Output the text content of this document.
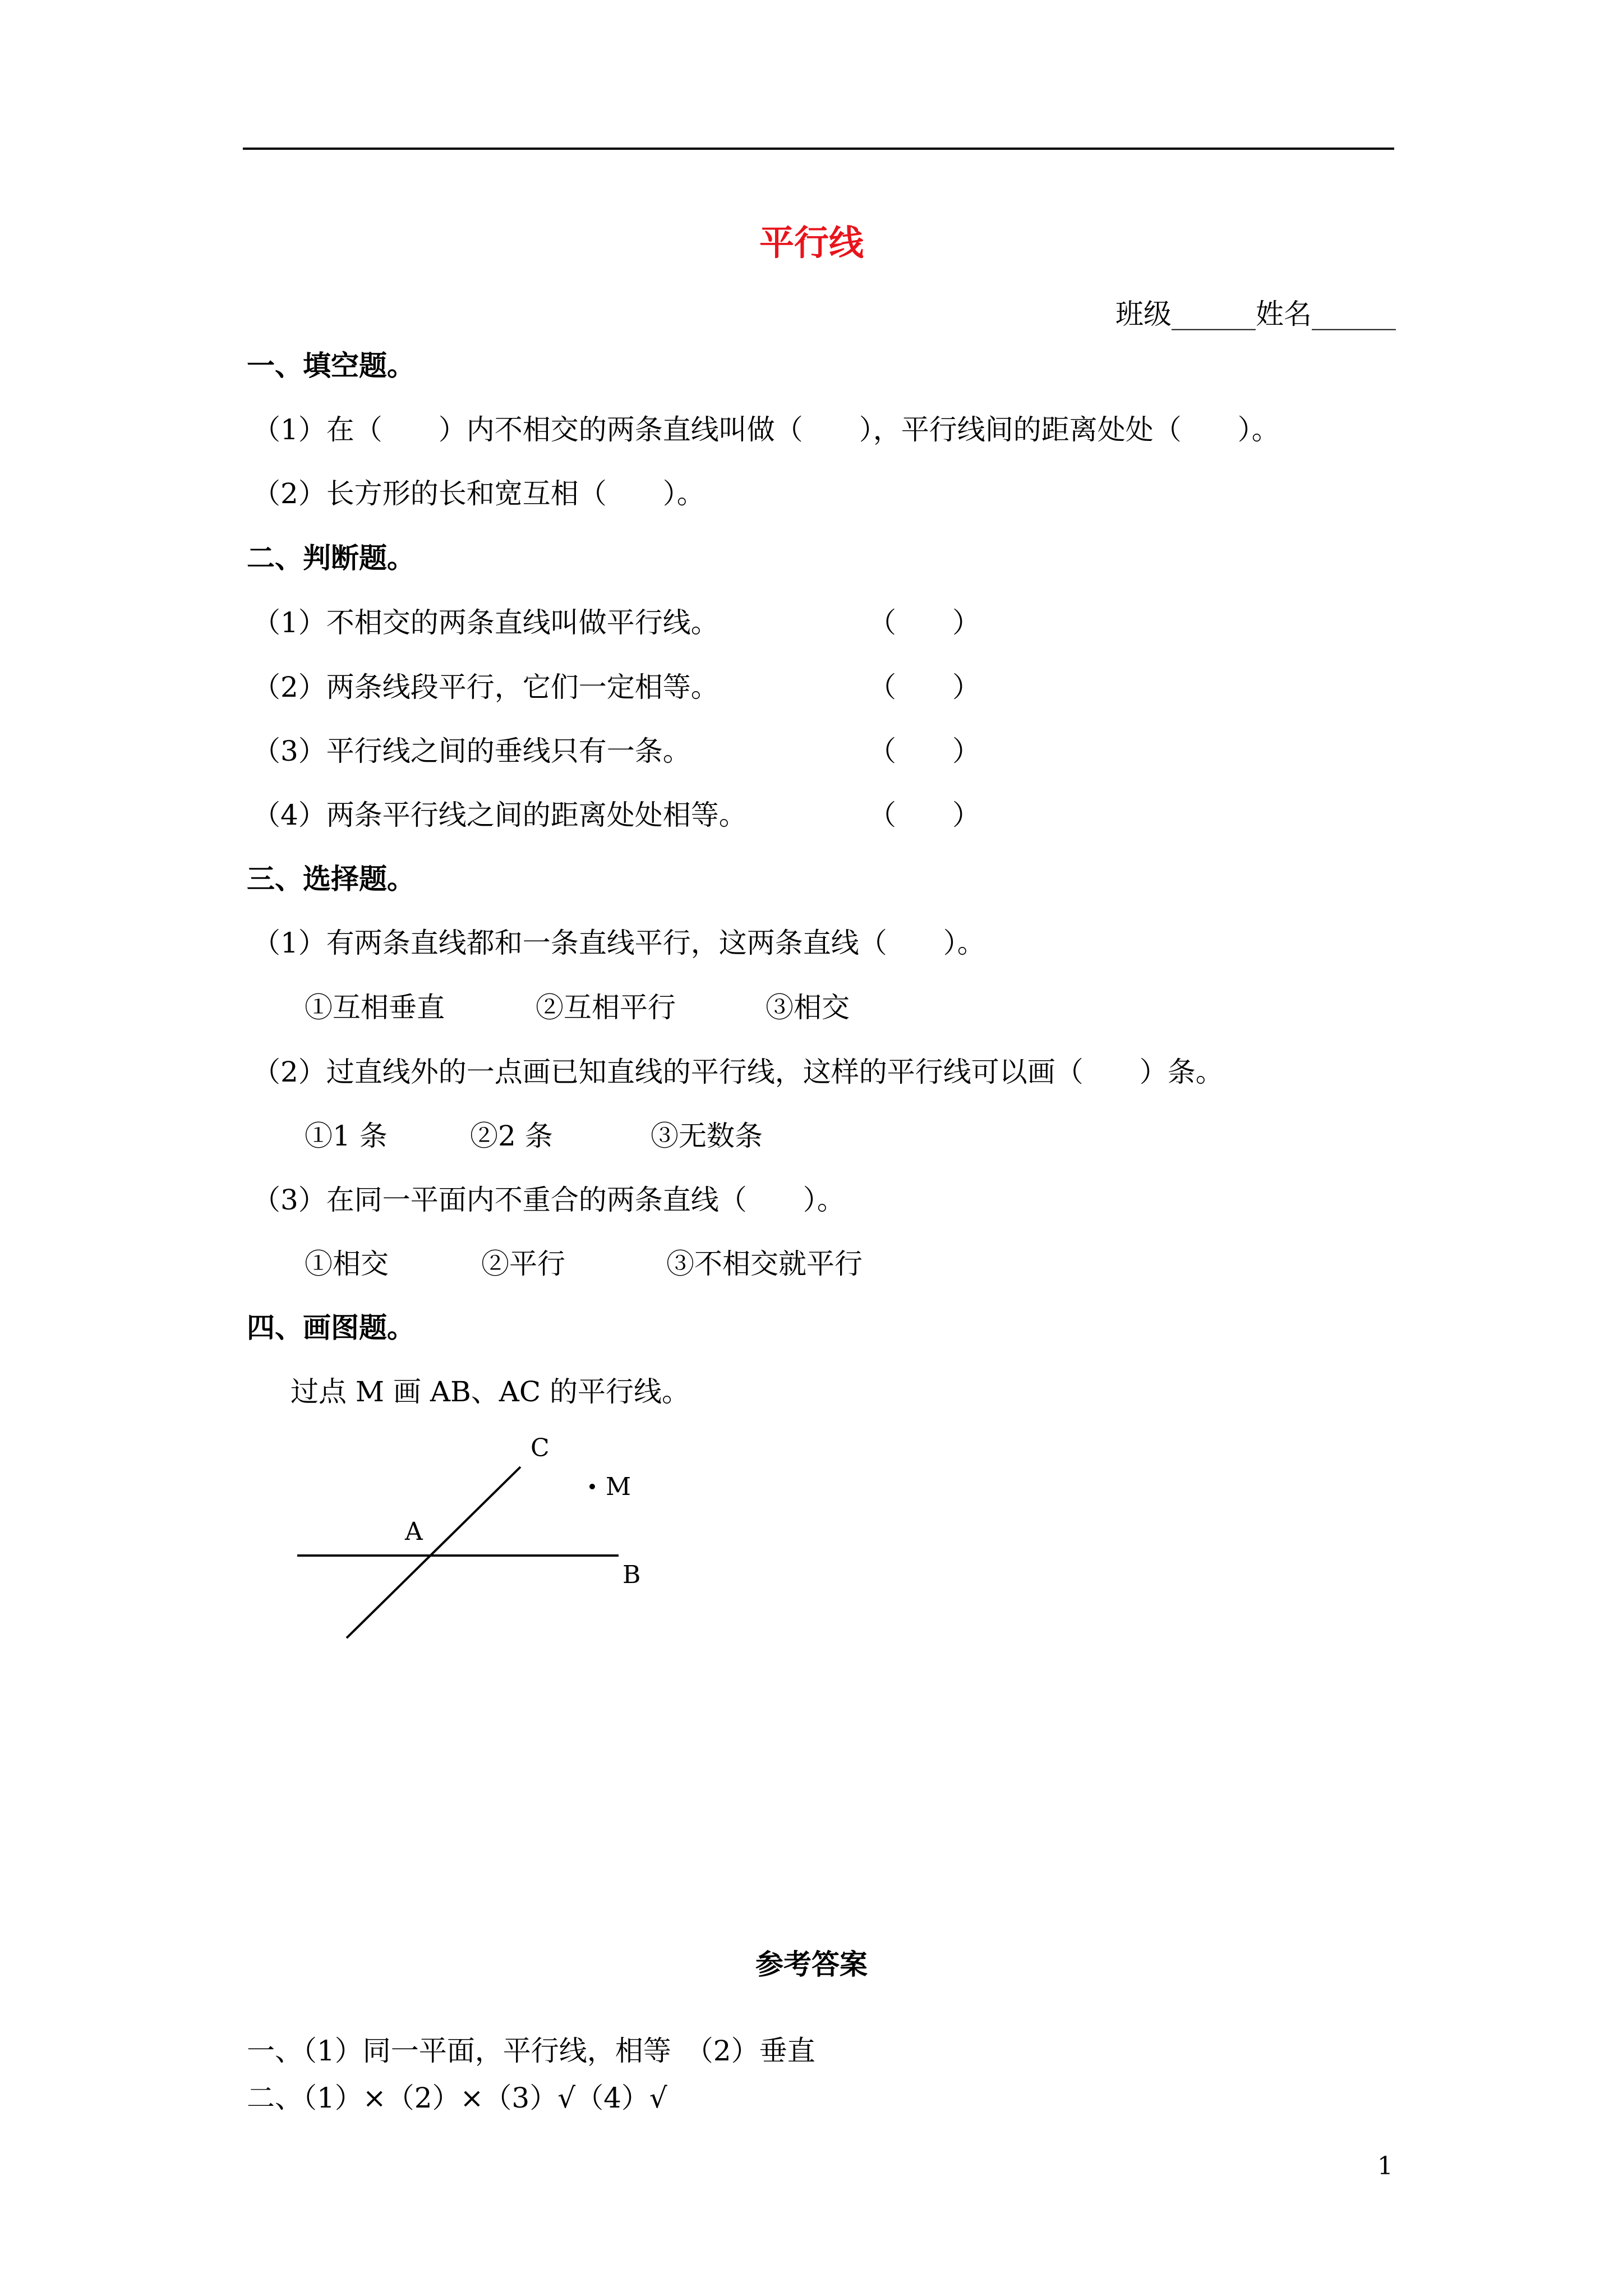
平行线
班级______姓名______
一、填空题。
（1）在（　　）内不相交的两条直线叫做（　　），平行线间的距离处处（　　）。
（2）长方形的长和宽互相（　　）。
二、判断题。
（1）不相交的两条直线叫做平行线。	（　　）
（2）两条线段平行，它们一定相等。	（　　）
（3）平行线之间的垂线只有一条。	（　　）
（4）两条平行线之间的距离处处相等。	（　　）
三、选择题。
（1）有两条直线都和一条直线平行，这两条直线（　　）。
①互相垂直	②互相平行	③相交
（2）过直线外的一点画已知直线的平行线，这样的平行线可以画（　　）条。
①1 条	②2 条	③无数条
（3）在同一平面内不重合的两条直线（　　）。
①相交	②平行	③不相交就平行
四、画图题。
过点 M 画 AB、AC 的平行线。
C
M
A
B
参考答案
一、（1）同一平面，平行线，相等　（2）垂直
二、（1）×（2）×（3）√（4）√
1
